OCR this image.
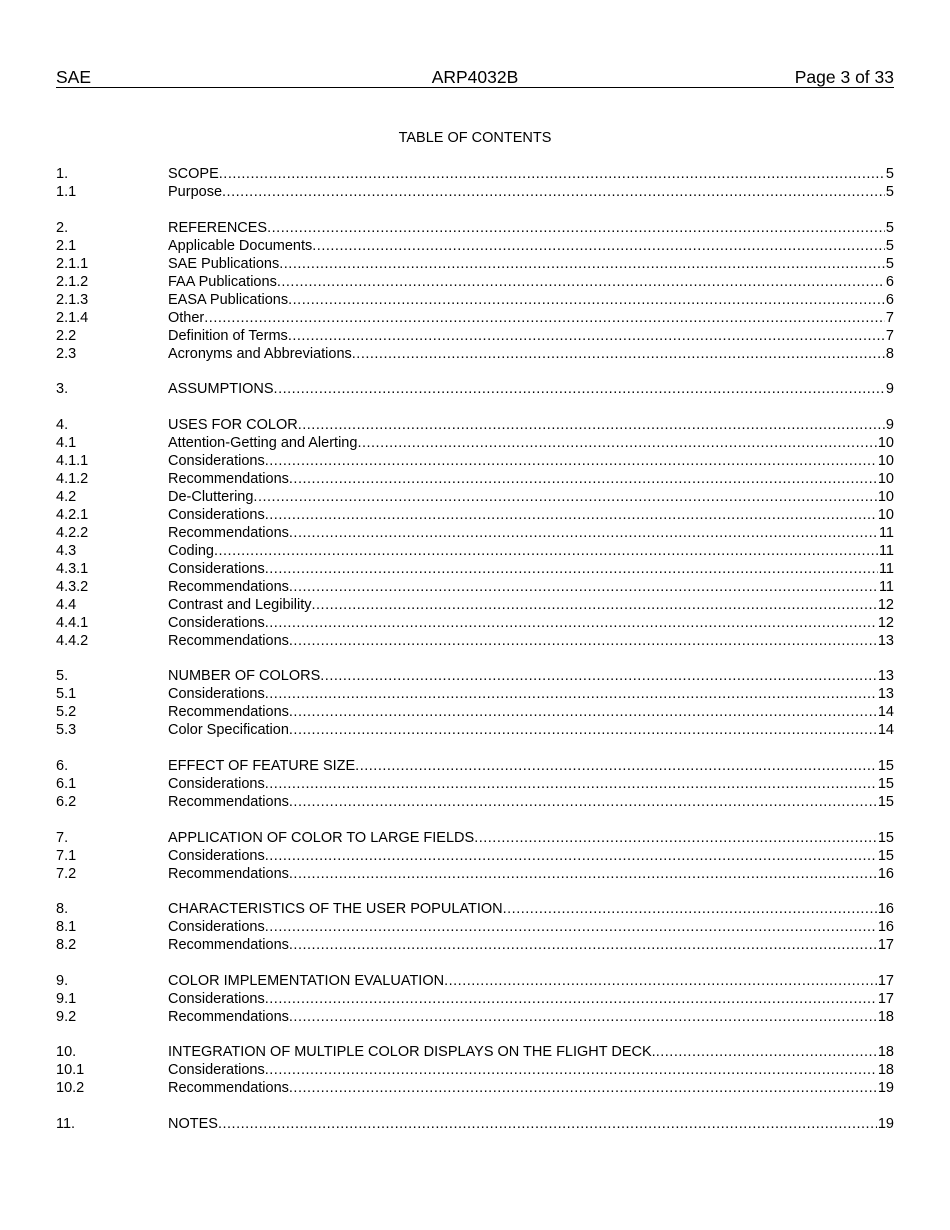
SAE	ARP4032B	Page 3 of 33
TABLE OF CONTENTS
1.	SCOPE .....	5
1.1	Purpose .....	5
2.	REFERENCES .....	5
2.1	Applicable Documents .....	5
2.1.1	SAE Publications .....	5
2.1.2	FAA Publications .....	6
2.1.3	EASA Publications .....	6
2.1.4	Other .....	7
2.2	Definition of Terms .....	7
2.3	Acronyms and Abbreviations .....	8
3.	ASSUMPTIONS .....	9
4.	USES FOR COLOR .....	9
4.1	Attention-Getting and Alerting .....	10
4.1.1	Considerations .....	10
4.1.2	Recommendations .....	10
4.2	De-Cluttering .....	10
4.2.1	Considerations .....	10
4.2.2	Recommendations .....	11
4.3	Coding .....	11
4.3.1	Considerations .....	11
4.3.2	Recommendations .....	11
4.4	Contrast and Legibility .....	12
4.4.1	Considerations .....	12
4.4.2	Recommendations .....	13
5.	NUMBER OF COLORS .....	13
5.1	Considerations .....	13
5.2	Recommendations .....	14
5.3	Color Specification .....	14
6.	EFFECT OF FEATURE SIZE .....	15
6.1	Considerations .....	15
6.2	Recommendations .....	15
7.	APPLICATION OF COLOR TO LARGE FIELDS .....	15
7.1	Considerations .....	15
7.2	Recommendations .....	16
8.	CHARACTERISTICS OF THE USER POPULATION .....	16
8.1	Considerations .....	16
8.2	Recommendations .....	17
9.	COLOR IMPLEMENTATION EVALUATION .....	17
9.1	Considerations .....	17
9.2	Recommendations .....	18
10.	INTEGRATION OF MULTIPLE COLOR DISPLAYS ON THE FLIGHT DECK. .....	18
10.1	Considerations .....	18
10.2	Recommendations .....	19
11.	NOTES .....	19
